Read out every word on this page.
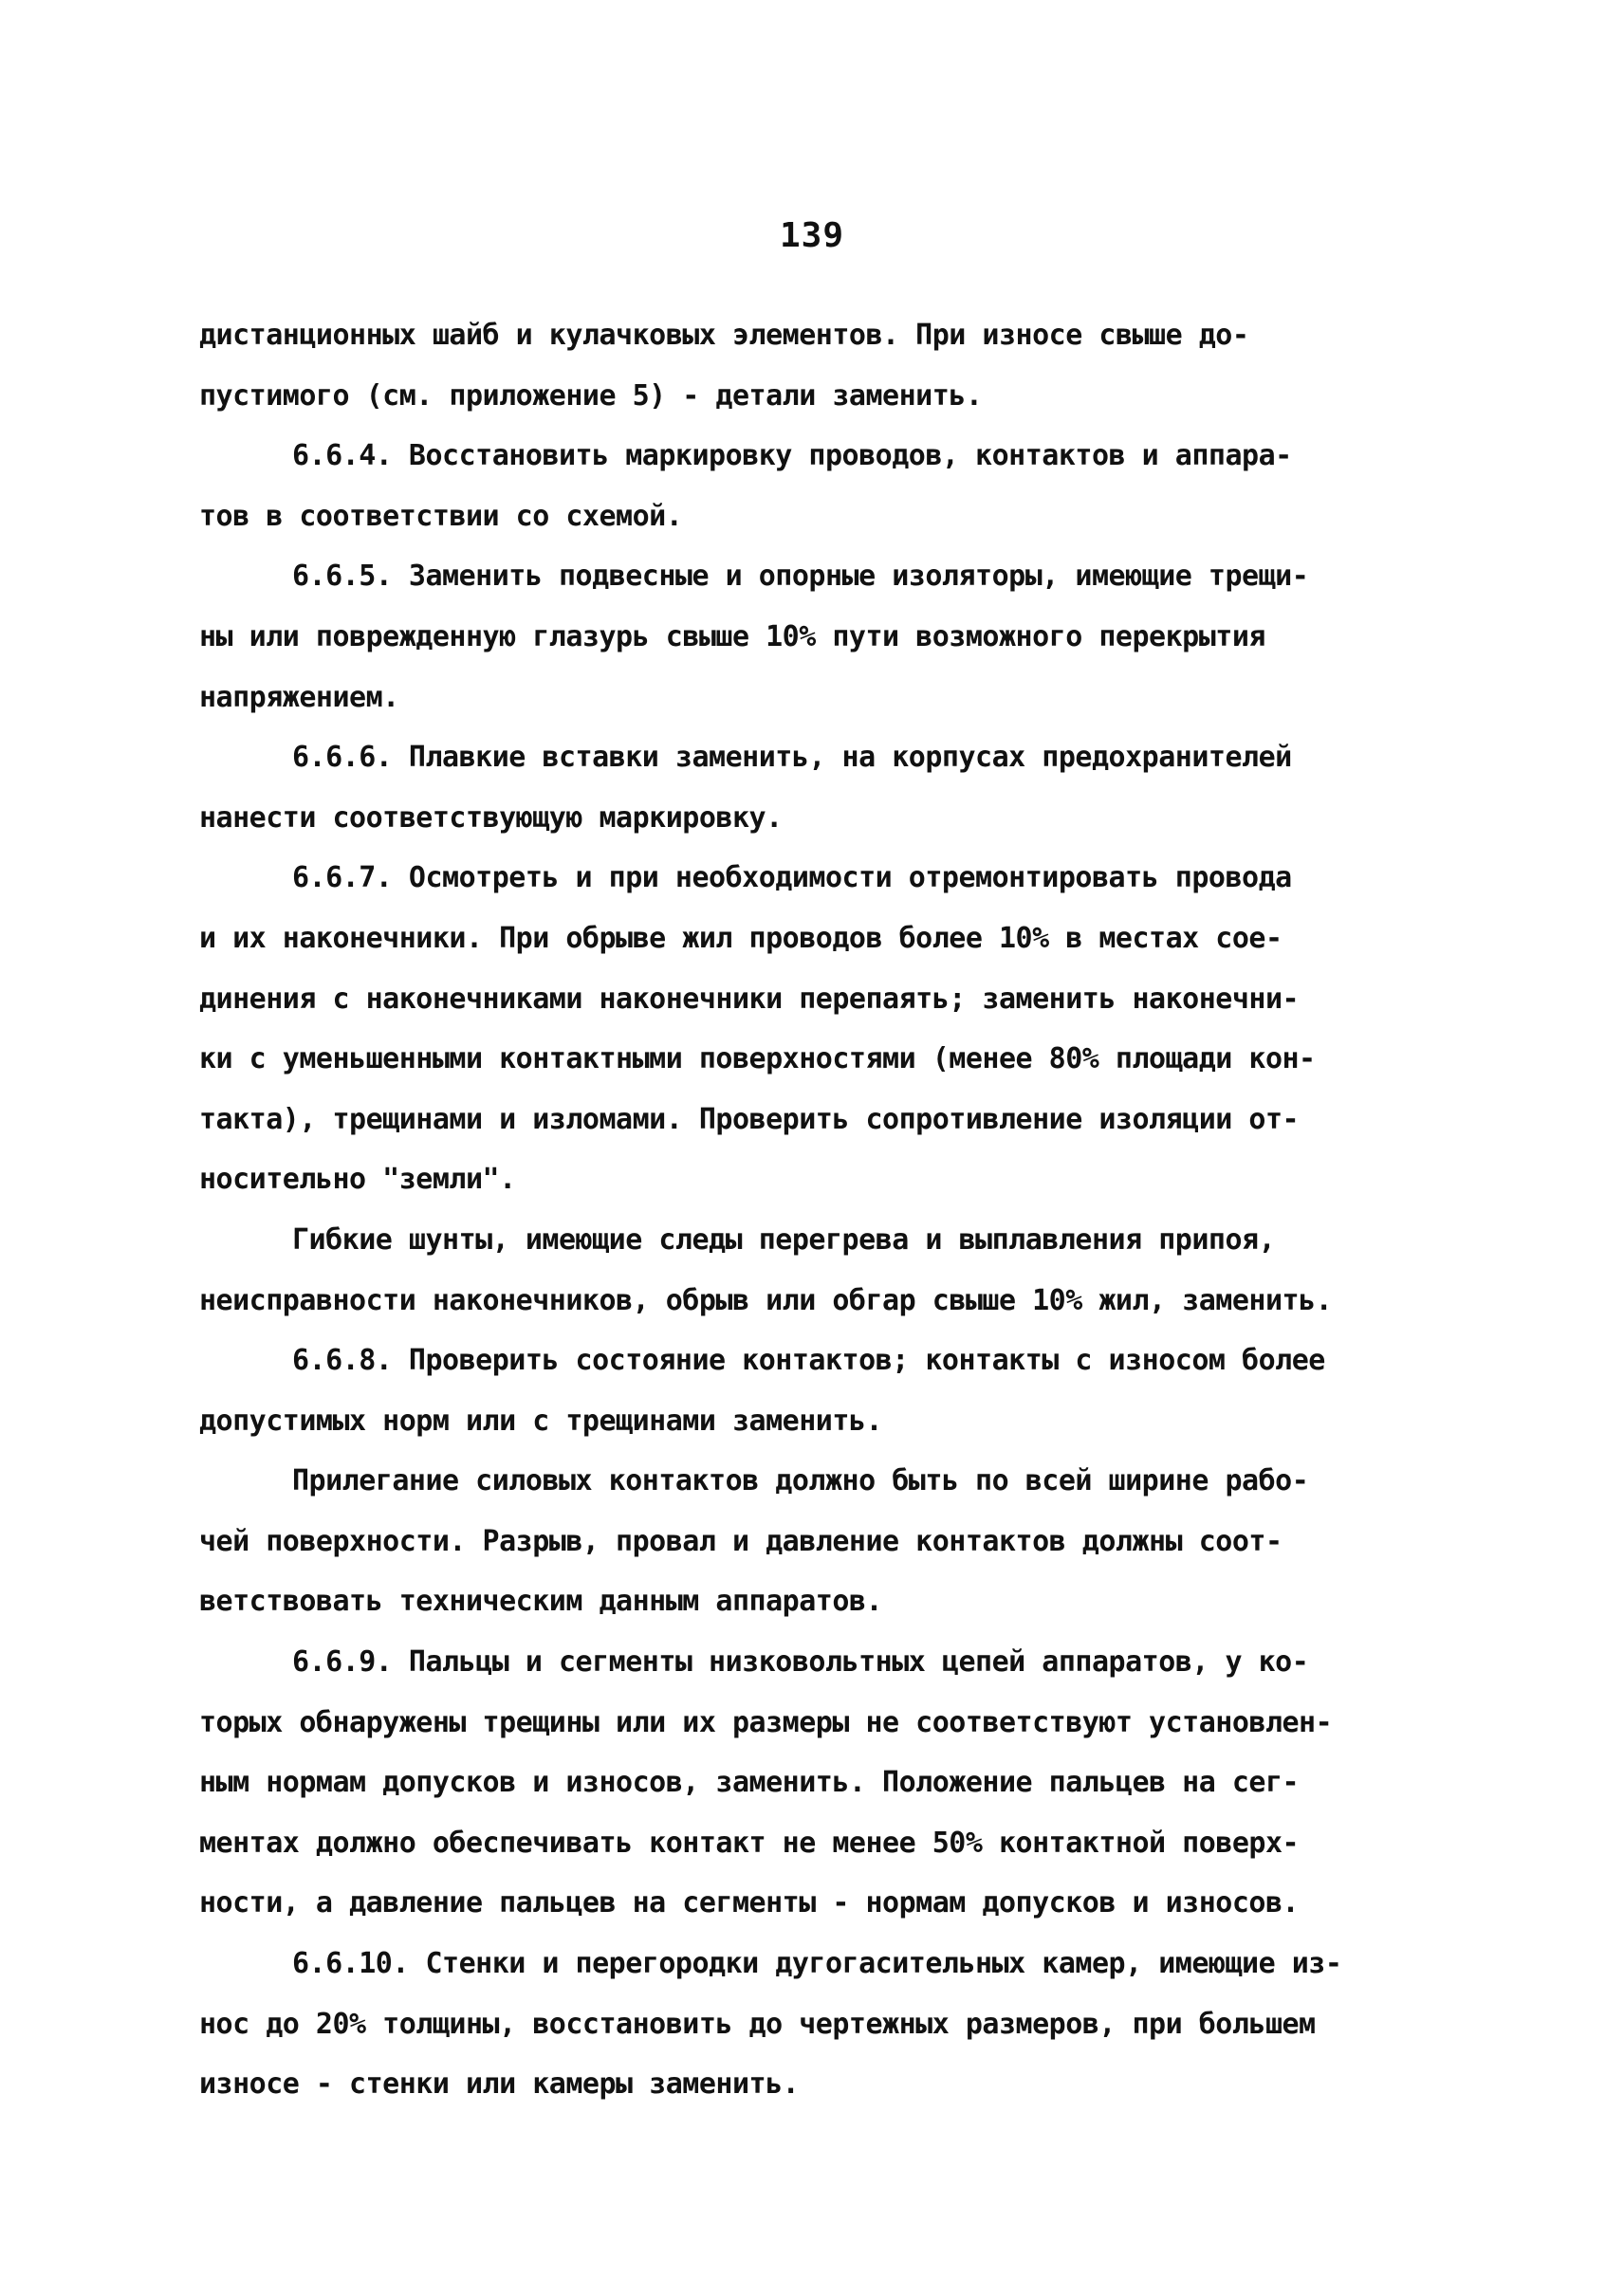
139

дистанционных шайб и кулачковых элементов. При износе свыше до-
пустимого (см. приложение 5) - детали заменить.

6.6.4. Восстановить маркировку проводов, контактов и аппара-
тов в соответствии со схемой.

6.6.5. Заменить подвесные и опорные изоляторы, имеющие трещи-
ны или поврежденную глазурь свыше 10% пути возможного перекрытия
напряжением.

6.6.6. Плавкие вставки заменить, на корпусах предохранителей
нанести соответствующую маркировку.

6.6.7. Осмотреть и при необходимости отремонтировать провода
и их наконечники. При обрыве жил проводов более 10% в местах сое-
динения с наконечниками наконечники перепаять; заменить наконечни-
ки с уменьшенными контактными поверхностями (менее 80% площади кон-
такта), трещинами и изломами. Проверить сопротивление изоляции от-
носительно "земли".

Гибкие шунты, имеющие следы перегрева и выплавления припоя,
неисправности наконечников, обрыв или обгар свыше 10% жил, заменить.

6.6.8. Проверить состояние контактов; контакты с износом более
допустимых норм или с трещинами заменить.

Прилегание силовых контактов должно быть по всей ширине рабо-
чей поверхности. Разрыв, провал и давление контактов должны соот-
ветствовать техническим данным аппаратов.

6.6.9. Пальцы и сегменты низковольтных цепей аппаратов, у ко-
торых обнаружены трещины или их размеры не соответствуют установлен-
ным нормам допусков и износов, заменить. Положение пальцев на сег-
ментах должно обеспечивать контакт не менее 50% контактной поверх-
ности, а давление пальцев на сегменты - нормам допусков и износов.

6.6.10. Стенки и перегородки дугогасительных камер, имеющие из-
нос до 20% толщины, восстановить до чертежных размеров, при большем
износе - стенки или камеры заменить.
